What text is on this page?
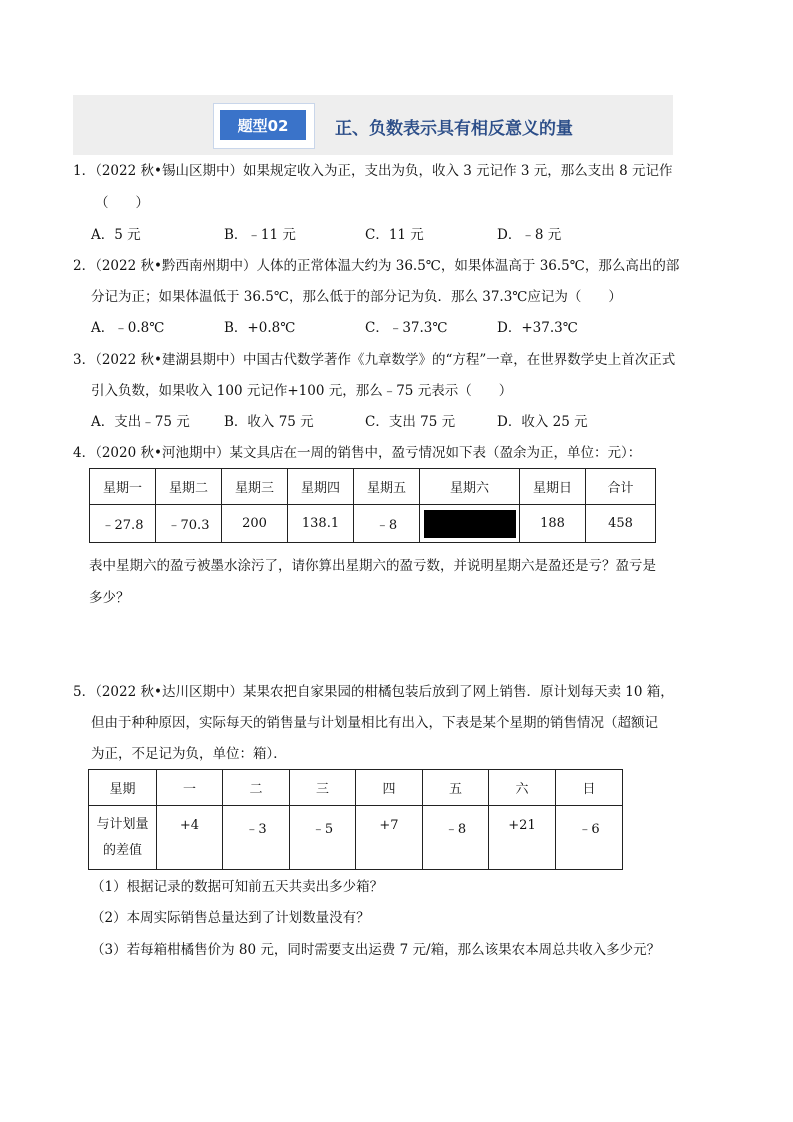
题型02	正、负数表示具有相反意义的量
1．（2022 秋•锡山区期中）如果规定收入为正，支出为负，收入 3 元记作 3 元，那么支出 8 元记作
（　　）
A．5 元	B．﹣11 元	C．11 元	D．﹣8 元
2．（2022 秋•黔西南州期中）人体的正常体温大约为 36.5℃，如果体温高于 36.5℃，那么高出的部
分记为正；如果体温低于 36.5℃，那么低于的部分记为负．那么 37.3℃应记为（　　）
A．﹣0.8℃	B．+0.8℃	C．﹣37.3℃	D．+37.3℃
3．（2022 秋•建湖县期中）中国古代数学著作《九章数学》的“方程”一章，在世界数学史上首次正式
引入负数，如果收入 100 元记作+100 元，那么﹣75 元表示（　　）
A．支出﹣75 元	B．收入 75 元	C．支出 75 元	D．收入 25 元
4．（2020 秋•河池期中）某文具店在一周的销售中，盈亏情况如下表（盈余为正，单位：元）：
星期一	星期二	星期三	星期四	星期五	星期六	星期日	合计
﹣27.8	﹣70.3	200	138.1	﹣8		188	458
表中星期六的盈亏被墨水涂污了，请你算出星期六的盈亏数，并说明星期六是盈还是亏？盈亏是
多少？
5．（2022 秋•达川区期中）某果农把自家果园的柑橘包装后放到了网上销售．原计划每天卖 10 箱，
但由于种种原因，实际每天的销售量与计划量相比有出入，下表是某个星期的销售情况（超额记
为正，不足记为负，单位：箱）．
星期	一	二	三	四	五	六	日

与计划量
的差值	+4	﹣3	﹣5	+7	﹣8	+21	﹣6
（1）根据记录的数据可知前五天共卖出多少箱？
（2）本周实际销售总量达到了计划数量没有？
（3）若每箱柑橘售价为 80 元，同时需要支出运费 7 元/箱，那么该果农本周总共收入多少元？
